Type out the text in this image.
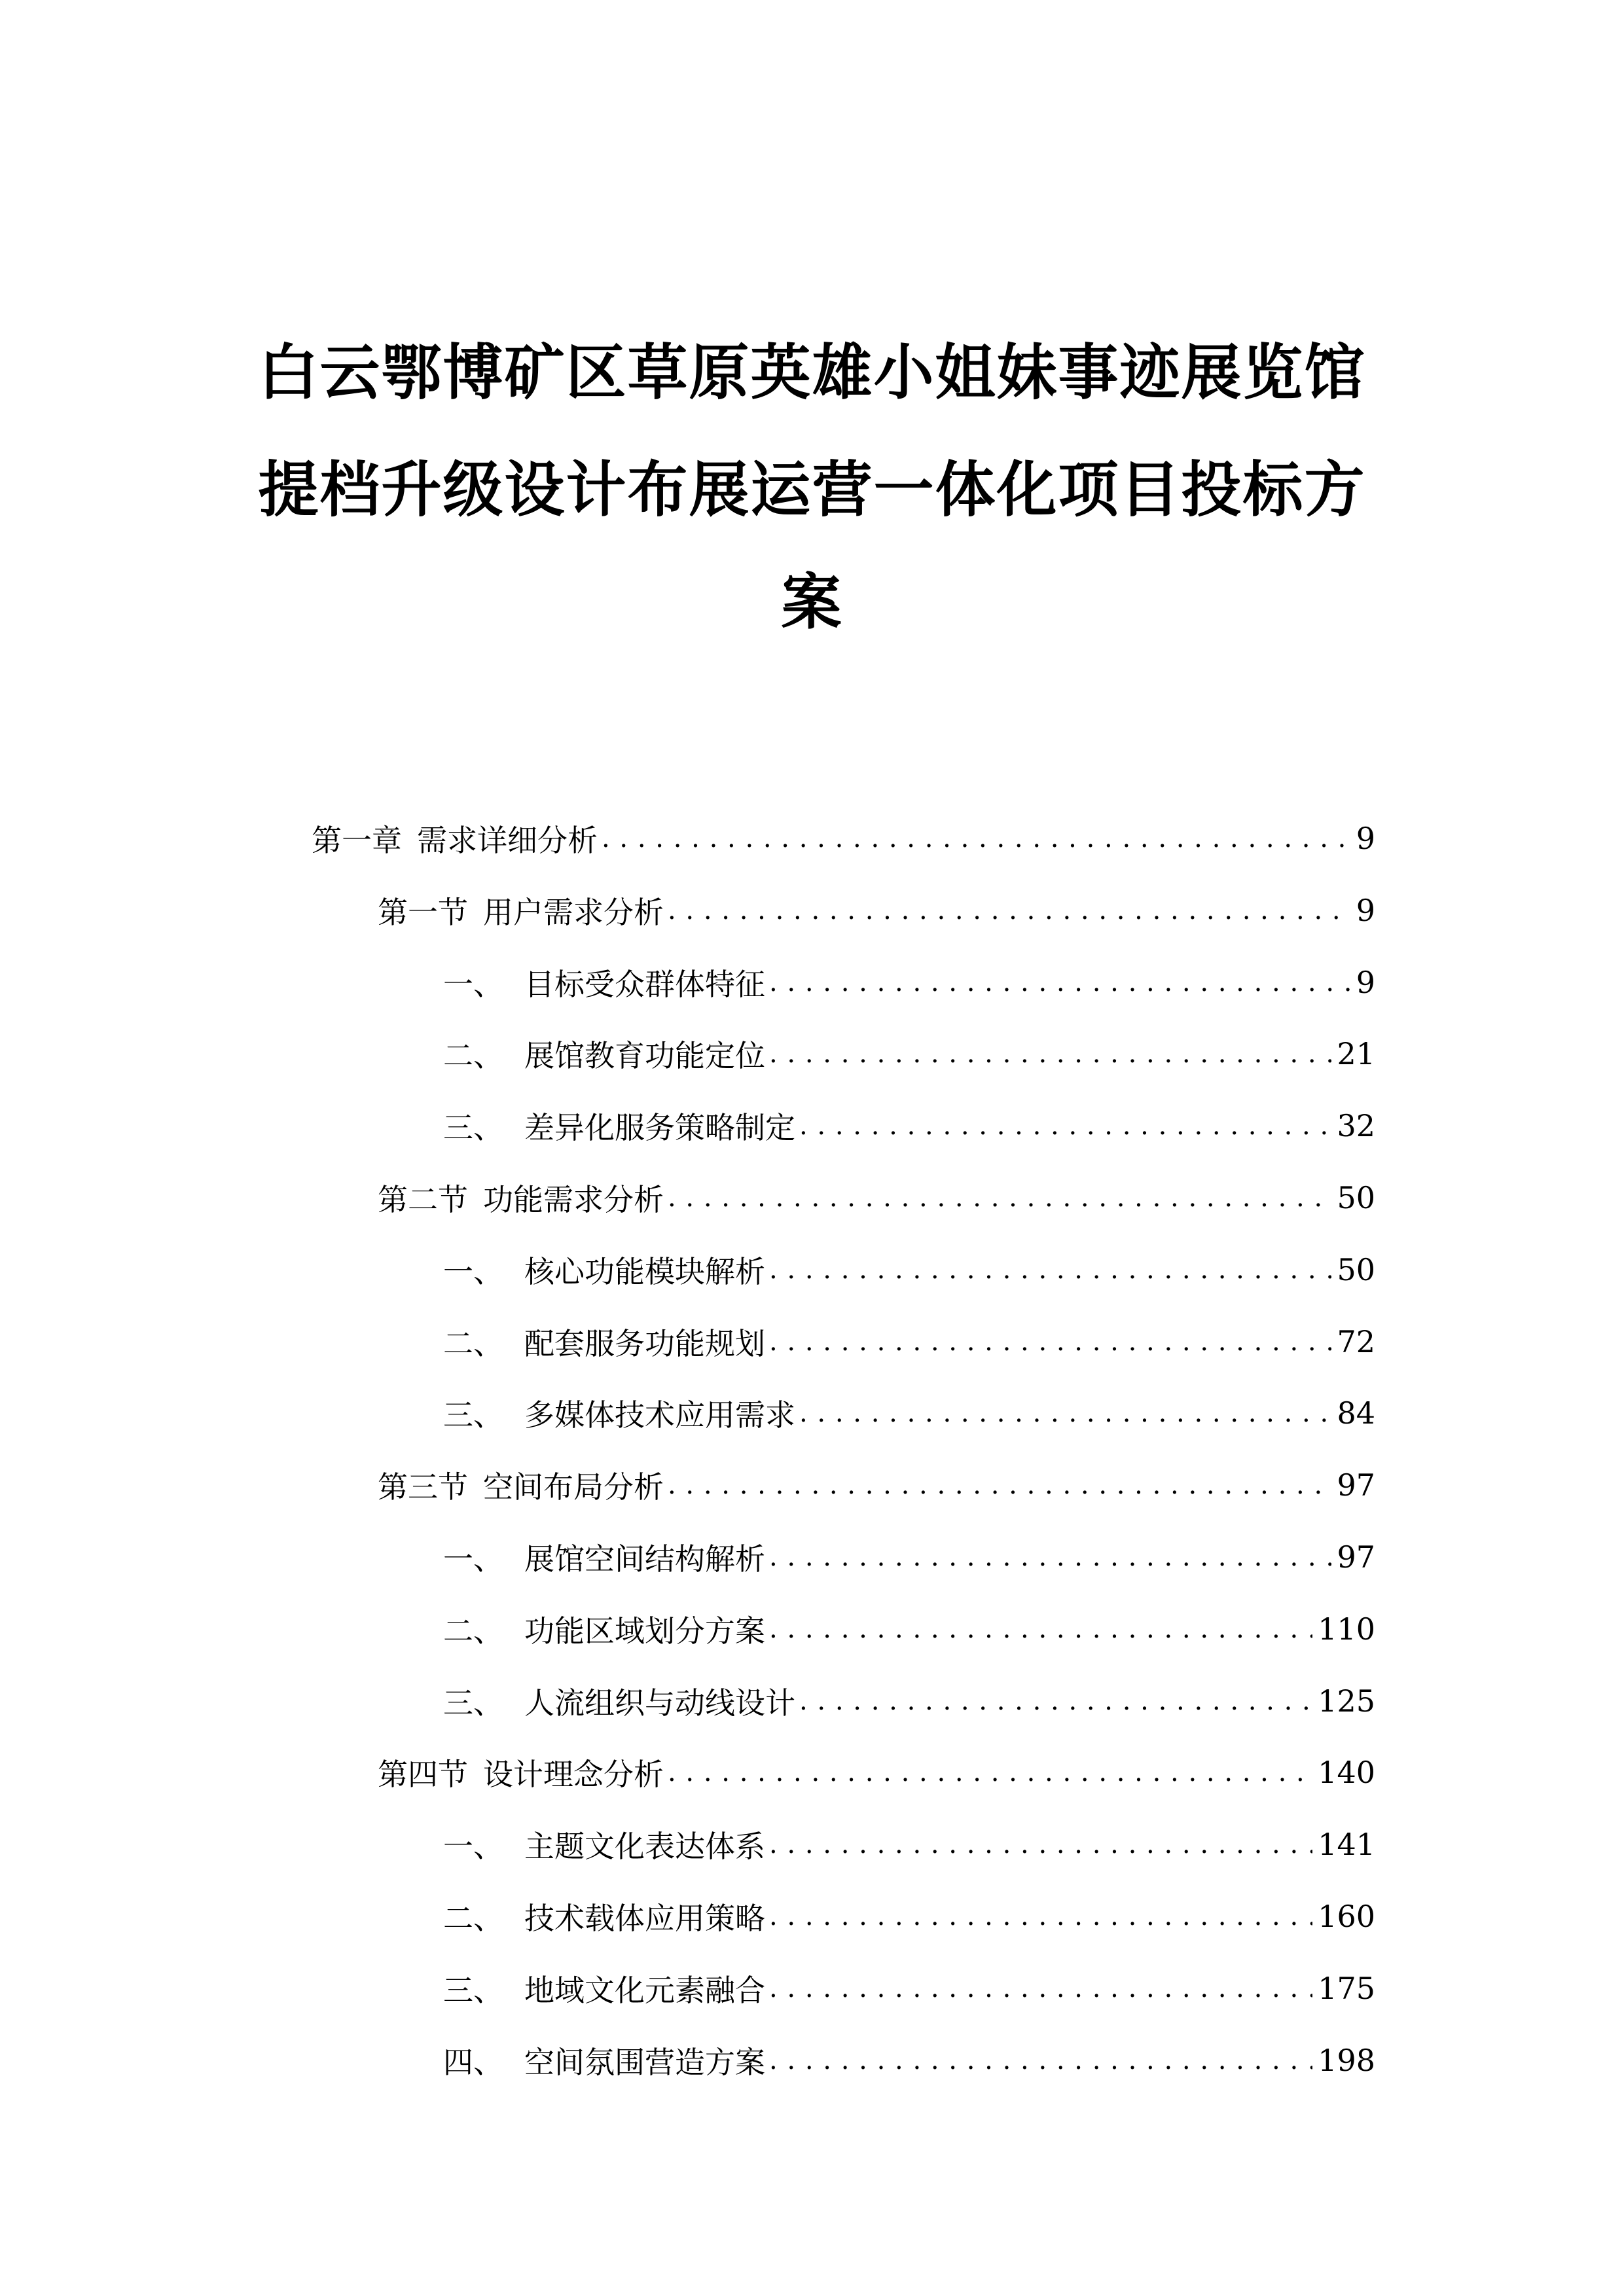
白云鄂博矿区草原英雄小姐妹事迹展览馆
提档升级设计布展运营一体化项目投标方
案
第一章  需求详细分析 . . .	9
第一节  用户需求分析 . . .	9
一、 目标受众群体特征 . . .	9
二、 展馆教育功能定位 . . .	21
三、 差异化服务策略制定 . . .	32
第二节  功能需求分析 . . .	50
一、 核心功能模块解析 . . .	50
二、 配套服务功能规划 . . .	72
三、 多媒体技术应用需求 . . .	84
第三节  空间布局分析 . . .	97
一、 展馆空间结构解析 . . .	97
二、 功能区域划分方案 . . .	110
三、 人流组织与动线设计 . . .	125
第四节  设计理念分析 . . .	140
一、 主题文化表达体系 . . .	141
二、 技术载体应用策略 . . .	160
三、 地域文化元素融合 . . .	175
四、 空间氛围营造方案 . . .	198
